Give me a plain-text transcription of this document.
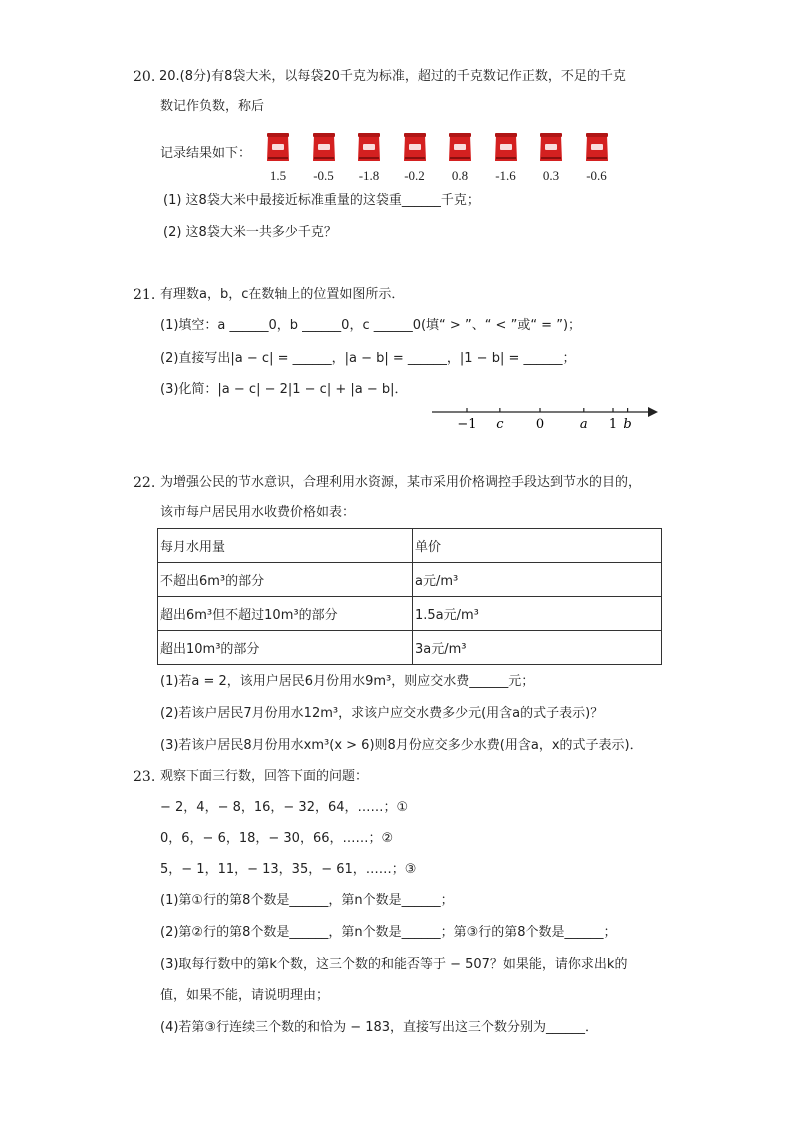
20. 20.(8分)有8袋大米，以每袋20千克为标准，超过的千克数记作正数，不足的千克
数记作负数，称后
记录结果如下：
1.5	-0.5	-1.8	-0.2	0.8	-1.6	0.3	-0.6
(1) 这8袋大米中最接近标准重量的这袋重______千克；
(2) 这8袋大米一共多少千克？
21. 有理数a，b，c在数轴上的位置如图所示．
(1)填空：a ______0，b ______0，c ______0(填“ > ”、“ < ”或“ = ”)；
(2)直接写出|a − c| = ______，|a − b| = ______，|1 − b| = ______；
(3)化简：|a − c| − 2|1 − c| + |a − b|．
−1 c 0	a 1 b
22. 为增强公民的节水意识，合理利用水资源，某市采用价格调控手段达到节水的目的，
该市每户居民用水收费价格如表：
每月水用量	单价
不超出6m³的部分	a元/m³
超出6m³但不超过10m³的部分	1.5a元/m³
超出10m³的部分	3a元/m³
(1)若a = 2，该用户居民6月份用水9m³，则应交水费______元；
(2)若该户居民7月份用水12m³，求该户应交水费多少元(用含a的式子表示)？
(3)若该户居民8月份用水xm³(x > 6)则8月份应交多少水费(用含a，x的式子表示)．
23. 观察下面三行数，回答下面的问题：
− 2，4，− 8，16，− 32，64，……；①
0，6，− 6，18，− 30，66，……；②
5，− 1，11，− 13，35，− 61，……；③
(1)第①行的第8个数是______，第n个数是______；
(2)第②行的第8个数是______，第n个数是______；第③行的第8个数是______；
(3)取每行数中的第k个数，这三个数的和能否等于 − 507？如果能，请你求出k的
值，如果不能，请说明理由；
(4)若第③行连续三个数的和恰为 − 183，直接写出这三个数分别为______．
